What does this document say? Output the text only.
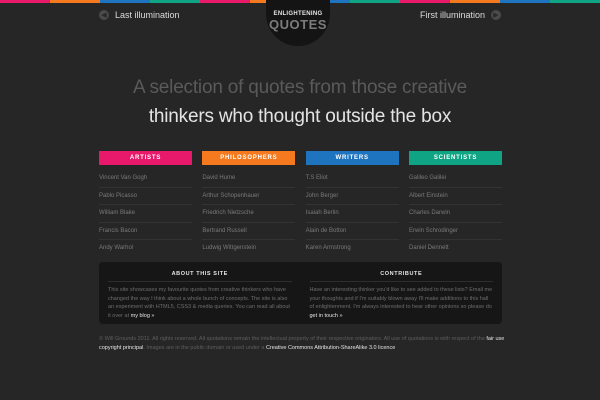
◀ Last illumination	First illumination	▶
ENLIGHTENING
QUOTES
A selection of quotes from those creative
thinkers who thought outside the box
ARTISTS
Vincent Van Gogh
Pablo Picasso
William Blake
Francis Bacon
Andy Warhol
PHILOSOPHERS
David Hume
Arthur Schopenhauer
Friedrich Nietzsche
Bertrand Russell
Ludwig Wittgenstein
WRITERS
T.S Eliot
John Berger
Isaiah Berlin
Alain de Botton
Karen Armstrong
SCIENTISTS
Galileo Galilei
Albert Einstein
Charles Darwin
Erwin Schrodinger
Daniel Dennett
ABOUT THIS SITE

This site showcases my favourite quotes from creative thinkers who have changed the way I think about a whole bunch of concepts. The site is also an experiment with HTML5, CSS3 & media queries. You can read all about it over at my blog »

CONTRIBUTE

Have an interesting thinker you'd like to see added to these lists? Email me your thoughts and if I'm suitably blown away I'll make additions to this hall of enlightenment. I'm always interested to hear other opinions so please do get in touch »

© Will Grounds 2011. All rights reserved. All quotations remain the intellectual property of their respective originators. All use of quotations is with respect of the fair use copyright principal. Images are in the public domain or used under a Creative Commons Attribution-ShareAlike 3.0 licence
